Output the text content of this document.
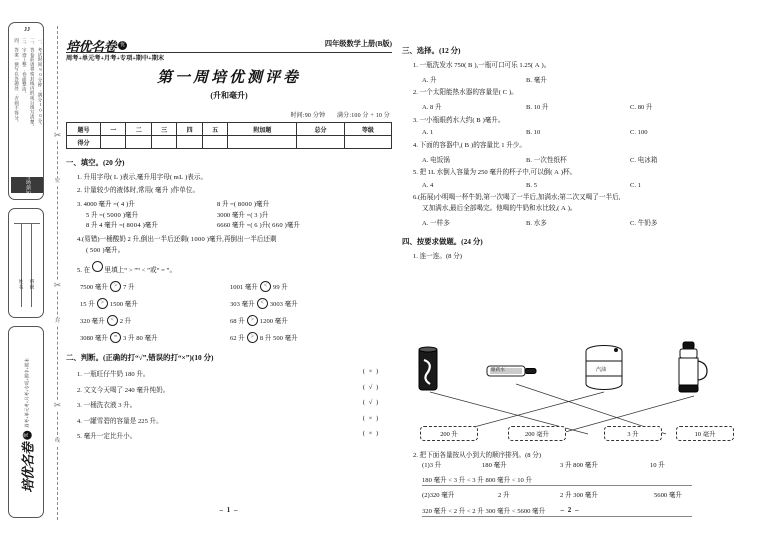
JJ
一、考试时间90分钟,满分100分。
二、答卷前请将密封线内的项目填写清楚。
三、字迹工整,卷面整洁。
四、答案一律写在答题处,否则不得分。
考场须知
班级
姓名
培优名卷
优
周考+单元考+月考+专项+期中+期末
✂
✂
✂
密
封
线
培优名卷 优	四年级数学上册(B版)
周考+单元考+月考+专项+期中+期末
第一周培优测评卷
(升和毫升)
时间:90 分钟 满分:100 分 + 10 分
题号	一	二	三	四	五	附加题	总分	等级
得分								
一、填空。(20 分)
1. 升用字母( L )表示,毫升用字母( mL )表示。
2. 计量较少的液体时,常用( 毫升 )作单位。
3. 4000 毫升 =( 4 )升	8 升 =( 8000 )毫升
5 升 =( 5000 )毫升	3000 毫升 =( 3 )升
8 升 4 毫升 =( 8004 )毫升	6660 毫升 =( 6 )升( 660 )毫升
4.(易错)一桶酸奶 2 升,倒出一半后还剩( 1000 )毫升,再倒出一半后还剩
( 500 )毫升。
5. 在 里填上“ > ”“ < ”或“ = ”。
7500 毫升 > 7 升	1001 毫升 < 99 升
15 升 > 1500 毫升	303 毫升 < 3003 毫升
320 毫升 < 2 升	68 升 > 1200 毫升
3080 毫升 = 3 升 80 毫升	62 升 > 8 升 500 毫升
二、判断。(正确的打“√”,错误的打“×”)(10 分)
1. 一瓶旺仔牛奶 180 升。	( × )
2. 文文今天喝了 240 毫升纯奶。	( √ )
3. 一桶洗衣液 3 升。	( √ )
4. 一罐雪碧的容量是 225 升。	( × )
5. 毫升一定比升小。	( × )
– 1 –
三、选择。(12 分)
1. 一瓶洗发水 750( B ),一瓶可口可乐 1.25( A )。
A. 升	B. 毫升
2. 一个太阳能热水器的容量是( C )。
A. 8 升	B. 10 升	C. 80 升
3. 一小瓶眼药水大约( B )毫升。
A. 1	B. 10	C. 100
4. 下面的容器中,( B )的容量比 1 升少。
A. 电饭锅	B. 一次性纸杯	C. 电冰箱
5. 把 1L 水倒入容量为 250 毫升的杯子中,可以倒( A )杯。
A. 4	B. 5	C. 1
6.(拓展)小明喝一杯牛奶,第一次喝了一半后,加满水;第二次又喝了一半后,
又加满水,最后全部喝完。他喝的牛奶和水比较,( A )。
A. 一样多	B. 水多	C. 牛奶多
四、按要求做题。(24 分)
1. 连一连。(8 分)
眼药水	汽油
200 升	200 毫升	3 升	10 毫升
2. 把下面各量按从小到大的顺序排列。(8 分)
(1)3 升	180 毫升	3 升 800 毫升	10 升
180 毫升 < 3 升 < 3 升 800 毫升 < 10 升
(2)320 毫升	2 升	2 升 300 毫升	5600 毫升
320 毫升 < 2 升 < 2 升 300 毫升 < 5600 毫升	– 2 –
